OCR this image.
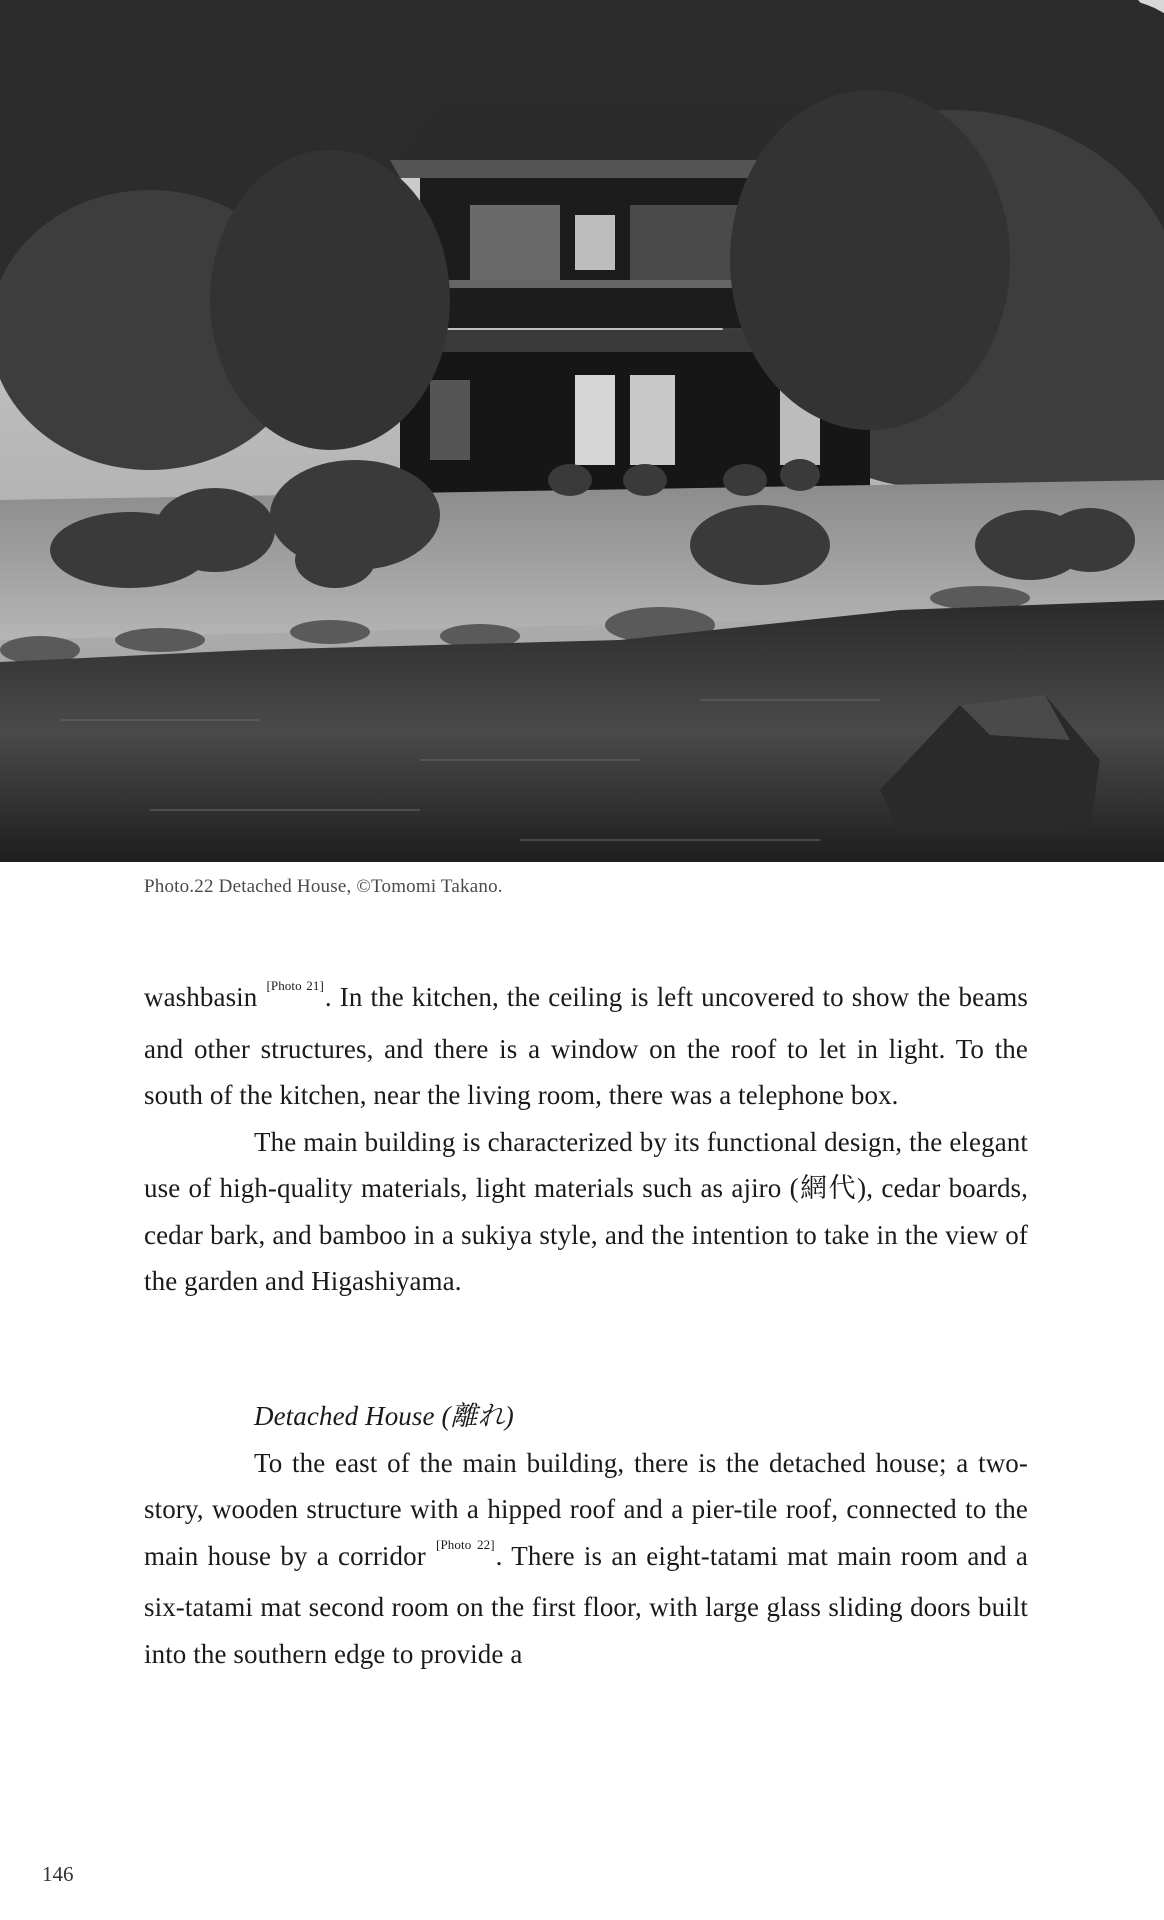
Photo.22 Detached House, ©Tomomi Takano.

washbasin [Photo 21]. In the kitchen, the ceiling is left uncovered to show the beams and other structures, and there is a window on the roof to let in light. To the south of the kitchen, near the living room, there was a telephone box.

The main building is characterized by its functional design, the elegant use of high-quality materials, light materials such as ajiro (網代), cedar boards, cedar bark, and bamboo in a sukiya style, and the intention to take in the view of the garden and Higashiyama.

Detached House (離れ)

To the east of the main building, there is the detached house; a two-story, wooden structure with a hipped roof and a pier-tile roof, connected to the main house by a corridor [Photo 22]. There is an eight-tatami mat main room and a six-tatami mat second room on the first floor, with large glass sliding doors built into the southern edge to provide a

146
